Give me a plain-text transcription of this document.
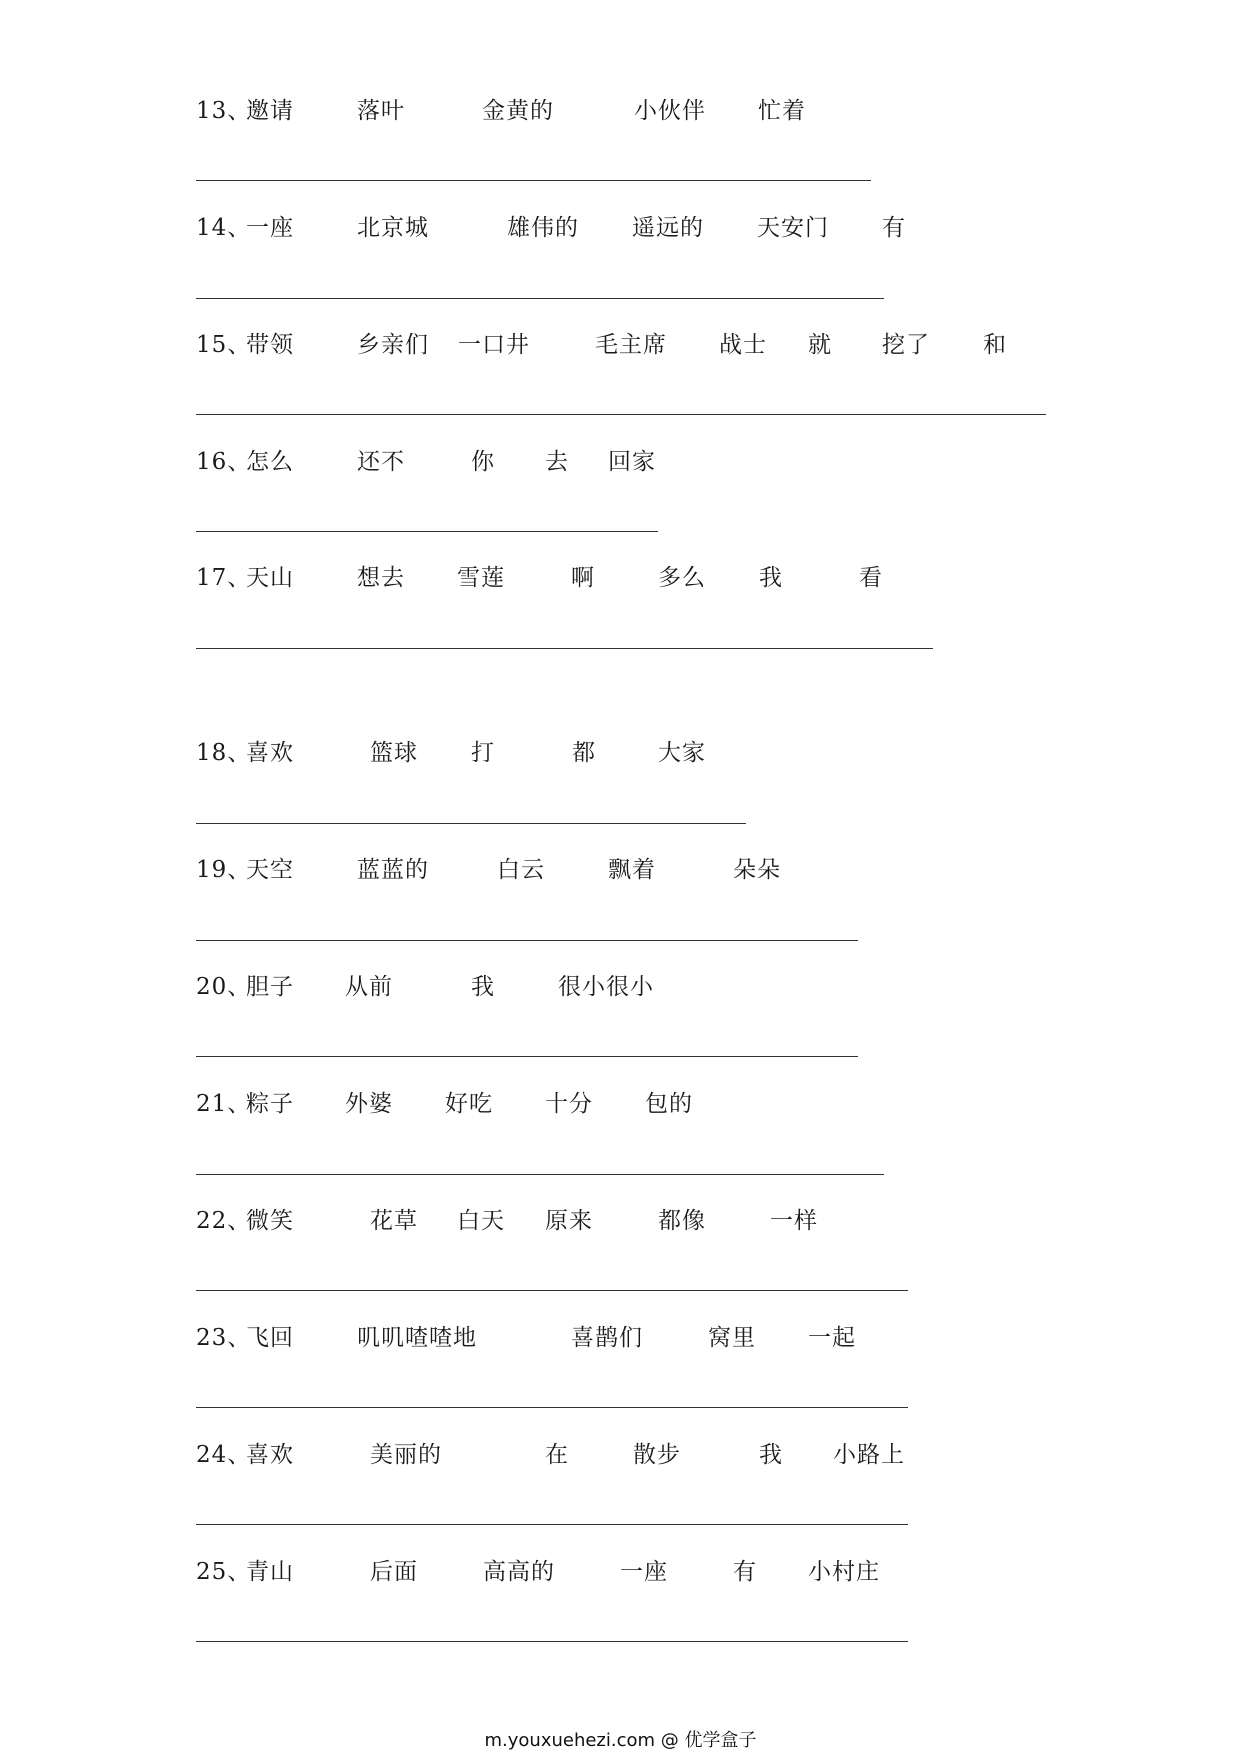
13、
邀请	落叶	金黄的	小伙伴 忙着
14、
一座	北京城	雄伟的 遥远的 天安门 有
15、
带领	乡亲们 一口井	毛主席 战士 就 挖了 和
16、
怎么	还不	你 去 回家
17、
天山	想去 雪莲	啊	多么 我	看
18、
喜欢	篮球 打	都	大家
19、
天空	蓝蓝的	白云	飘着	朵朵
20、
胆子 从前	我	很小很小
21、
粽子 外婆 好吃 十分 包的
22、
微笑	花草 白天 原来	都像	一样
23、
飞回	叽叽喳喳地	喜鹊们	窝里 一起
24、
喜欢	美丽的	在	散步	我 小路上
25、
青山	后面	高高的	一座	有 小村庄
m.youxuehezi.com @ 优学盒子
